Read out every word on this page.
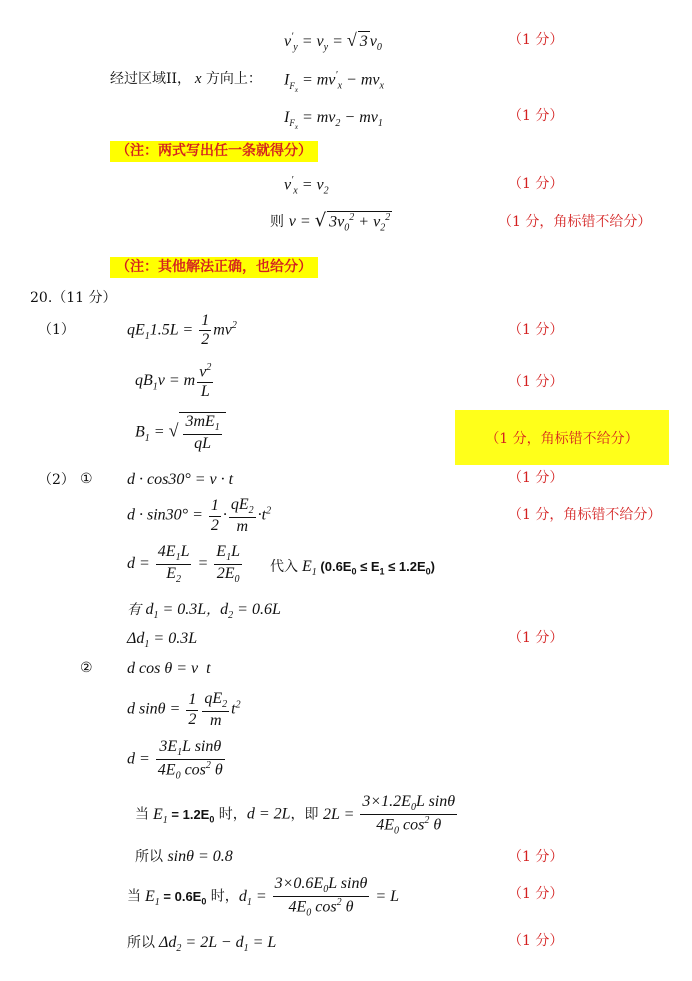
$v'_y = v_y$ = √ 3 $v_0$	（1 分）
经过区域II， x 方向上： $I_{F_x} = mv'_x - mv_x$
$I_{F_x} = mv_2 - mv_1$	（1 分）
（注：两式写出任一条就得分）
$v'_x = v_2$	（1 分）
则 v = √ $3v_0^2 + v_2^2$	（1 分，角标错不给分）
（注：其他解法正确，也给分）
20.（11 分）
（1）	$qE_11.5L = \frac{1}{2} mv^2$	（1 分）
$qB_1v = m \frac{v^2}{L}$	（1 分）
$B_1$ = √ $\frac{3mE_1}{qL}$	（1 分，角标错不给分）
（2） ① d · cos30° = v · t	（1 分）
$d \cdot \sin 30^\circ = \frac{1}{2} \cdot \frac{qE_2}{m} \cdot t^2$	（1 分，角标错不给分）
$d = \frac{4E_1L}{E_2} = \frac{E_1L}{2E_0}$ 代入 $E_1$ $(0.6E_0 \le E_1 \le 1.2E_0)$
有 $d_1 = 0.3L$，$d_2 = 0.6L$
$\Delta d_1 = 0.3L$	（1 分）
② d cos θ = v  t
d $\sin\theta = \frac{1}{2} \frac{qE_2}{m} t^2$
$d = \frac{3E_1L \sin\theta}{4E_0 \cos^2 \theta}$
当 $E_1 = 1.2E_0$ 时，d = 2L，即 $2L = \frac{3\times 1.2E_0L \sin\theta}{4E_0 \cos^2 \theta}$
所以 sinθ = 0.8	（1 分）
当 $E_1 = 0.6E_0$ 时，$d_1 = \frac{3\times 0.6E_0L \sin\theta}{4E_0 \cos^2 \theta} = L$	（1 分）
所以 $\Delta d_2 = 2L - d_1 = L$	（1 分）
